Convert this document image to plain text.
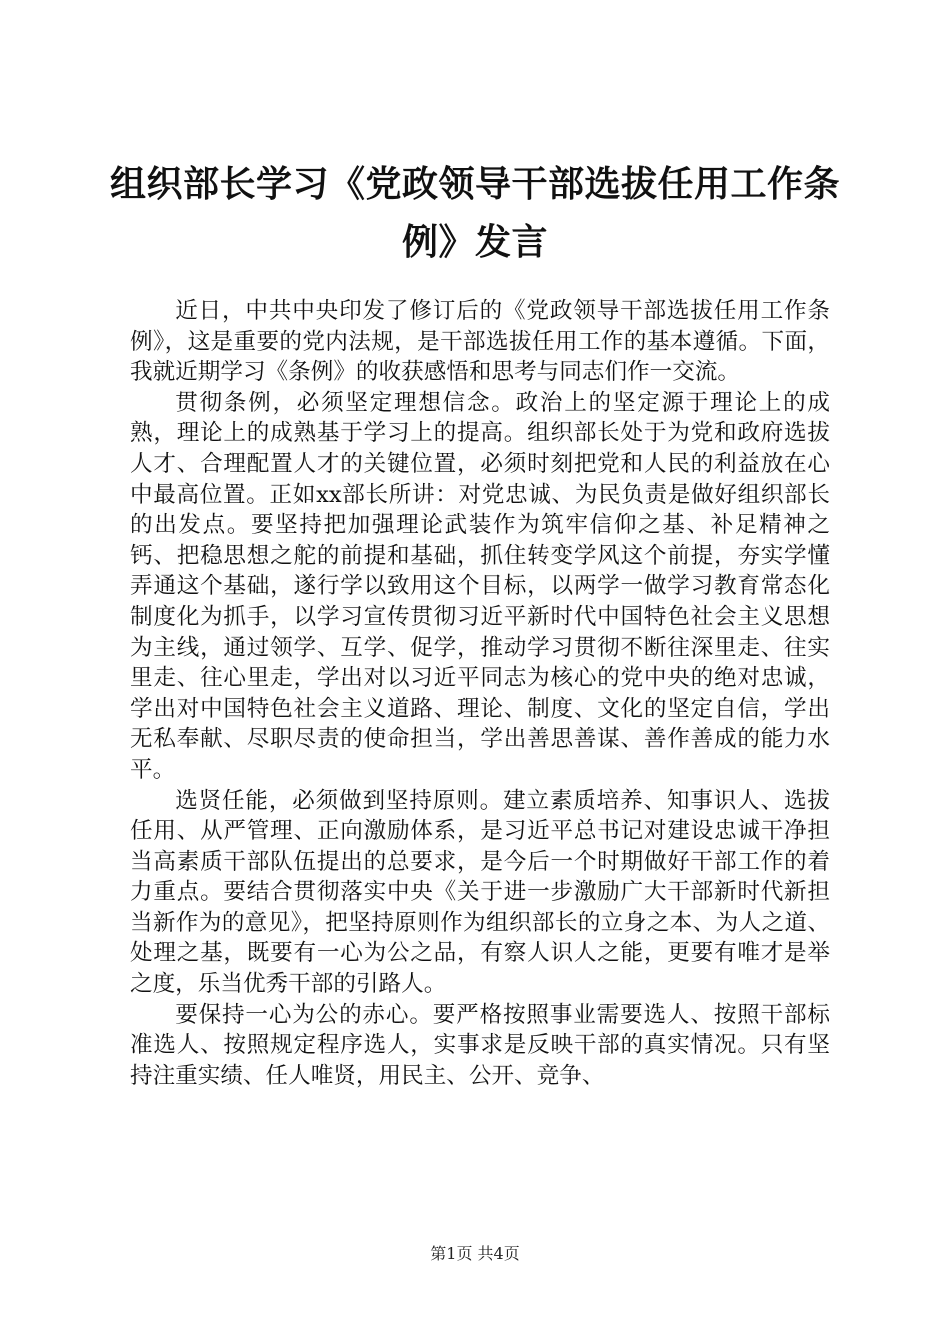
组织部长学习《党政领导干部选拔任用工作条
例》发言

近日，中共中央印发了修订后的《党政领导干部选拔任用工作条例》，这是重要的党内法规，是干部选拔任用工作的基本遵循。下面，我就近期学习《条例》的收获感悟和思考与同志们作一交流。

贯彻条例，必须坚定理想信念。政治上的坚定源于理论上的成熟，理论上的成熟基于学习上的提高。组织部长处于为党和政府选拔人才、合理配置人才的关键位置，必须时刻把党和人民的利益放在心中最高位置。正如xx部长所讲：对党忠诚、为民负责是做好组织部长的出发点。要坚持把加强理论武装作为筑牢信仰之基、补足精神之钙、把稳思想之舵的前提和基础，抓住转变学风这个前提，夯实学懂弄通这个基础，遂行学以致用这个目标，以两学一做学习教育常态化制度化为抓手，以学习宣传贯彻习近平新时代中国特色社会主义思想为主线，通过领学、互学、促学，推动学习贯彻不断往深里走、往实里走、往心里走，学出对以习近平同志为核心的党中央的绝对忠诚，学出对中国特色社会主义道路、理论、制度、文化的坚定自信，学出无私奉献、尽职尽责的使命担当，学出善思善谋、善作善成的能力水平。

选贤任能，必须做到坚持原则。建立素质培养、知事识人、选拔任用、从严管理、正向激励体系，是习近平总书记对建设忠诚干净担当高素质干部队伍提出的总要求，是今后一个时期做好干部工作的着力重点。要结合贯彻落实中央《关于进一步激励广大干部新时代新担当新作为的意见》，把坚持原则作为组织部长的立身之本、为人之道、处理之基，既要有一心为公之品，有察人识人之能，更要有唯才是举之度，乐当优秀干部的引路人。

要保持一心为公的赤心。要严格按照事业需要选人、按照干部标准选人、按照规定程序选人，实事求是反映干部的真实情况。只有坚持注重实绩、任人唯贤，用民主、公开、竞争、

第1页 共4页
